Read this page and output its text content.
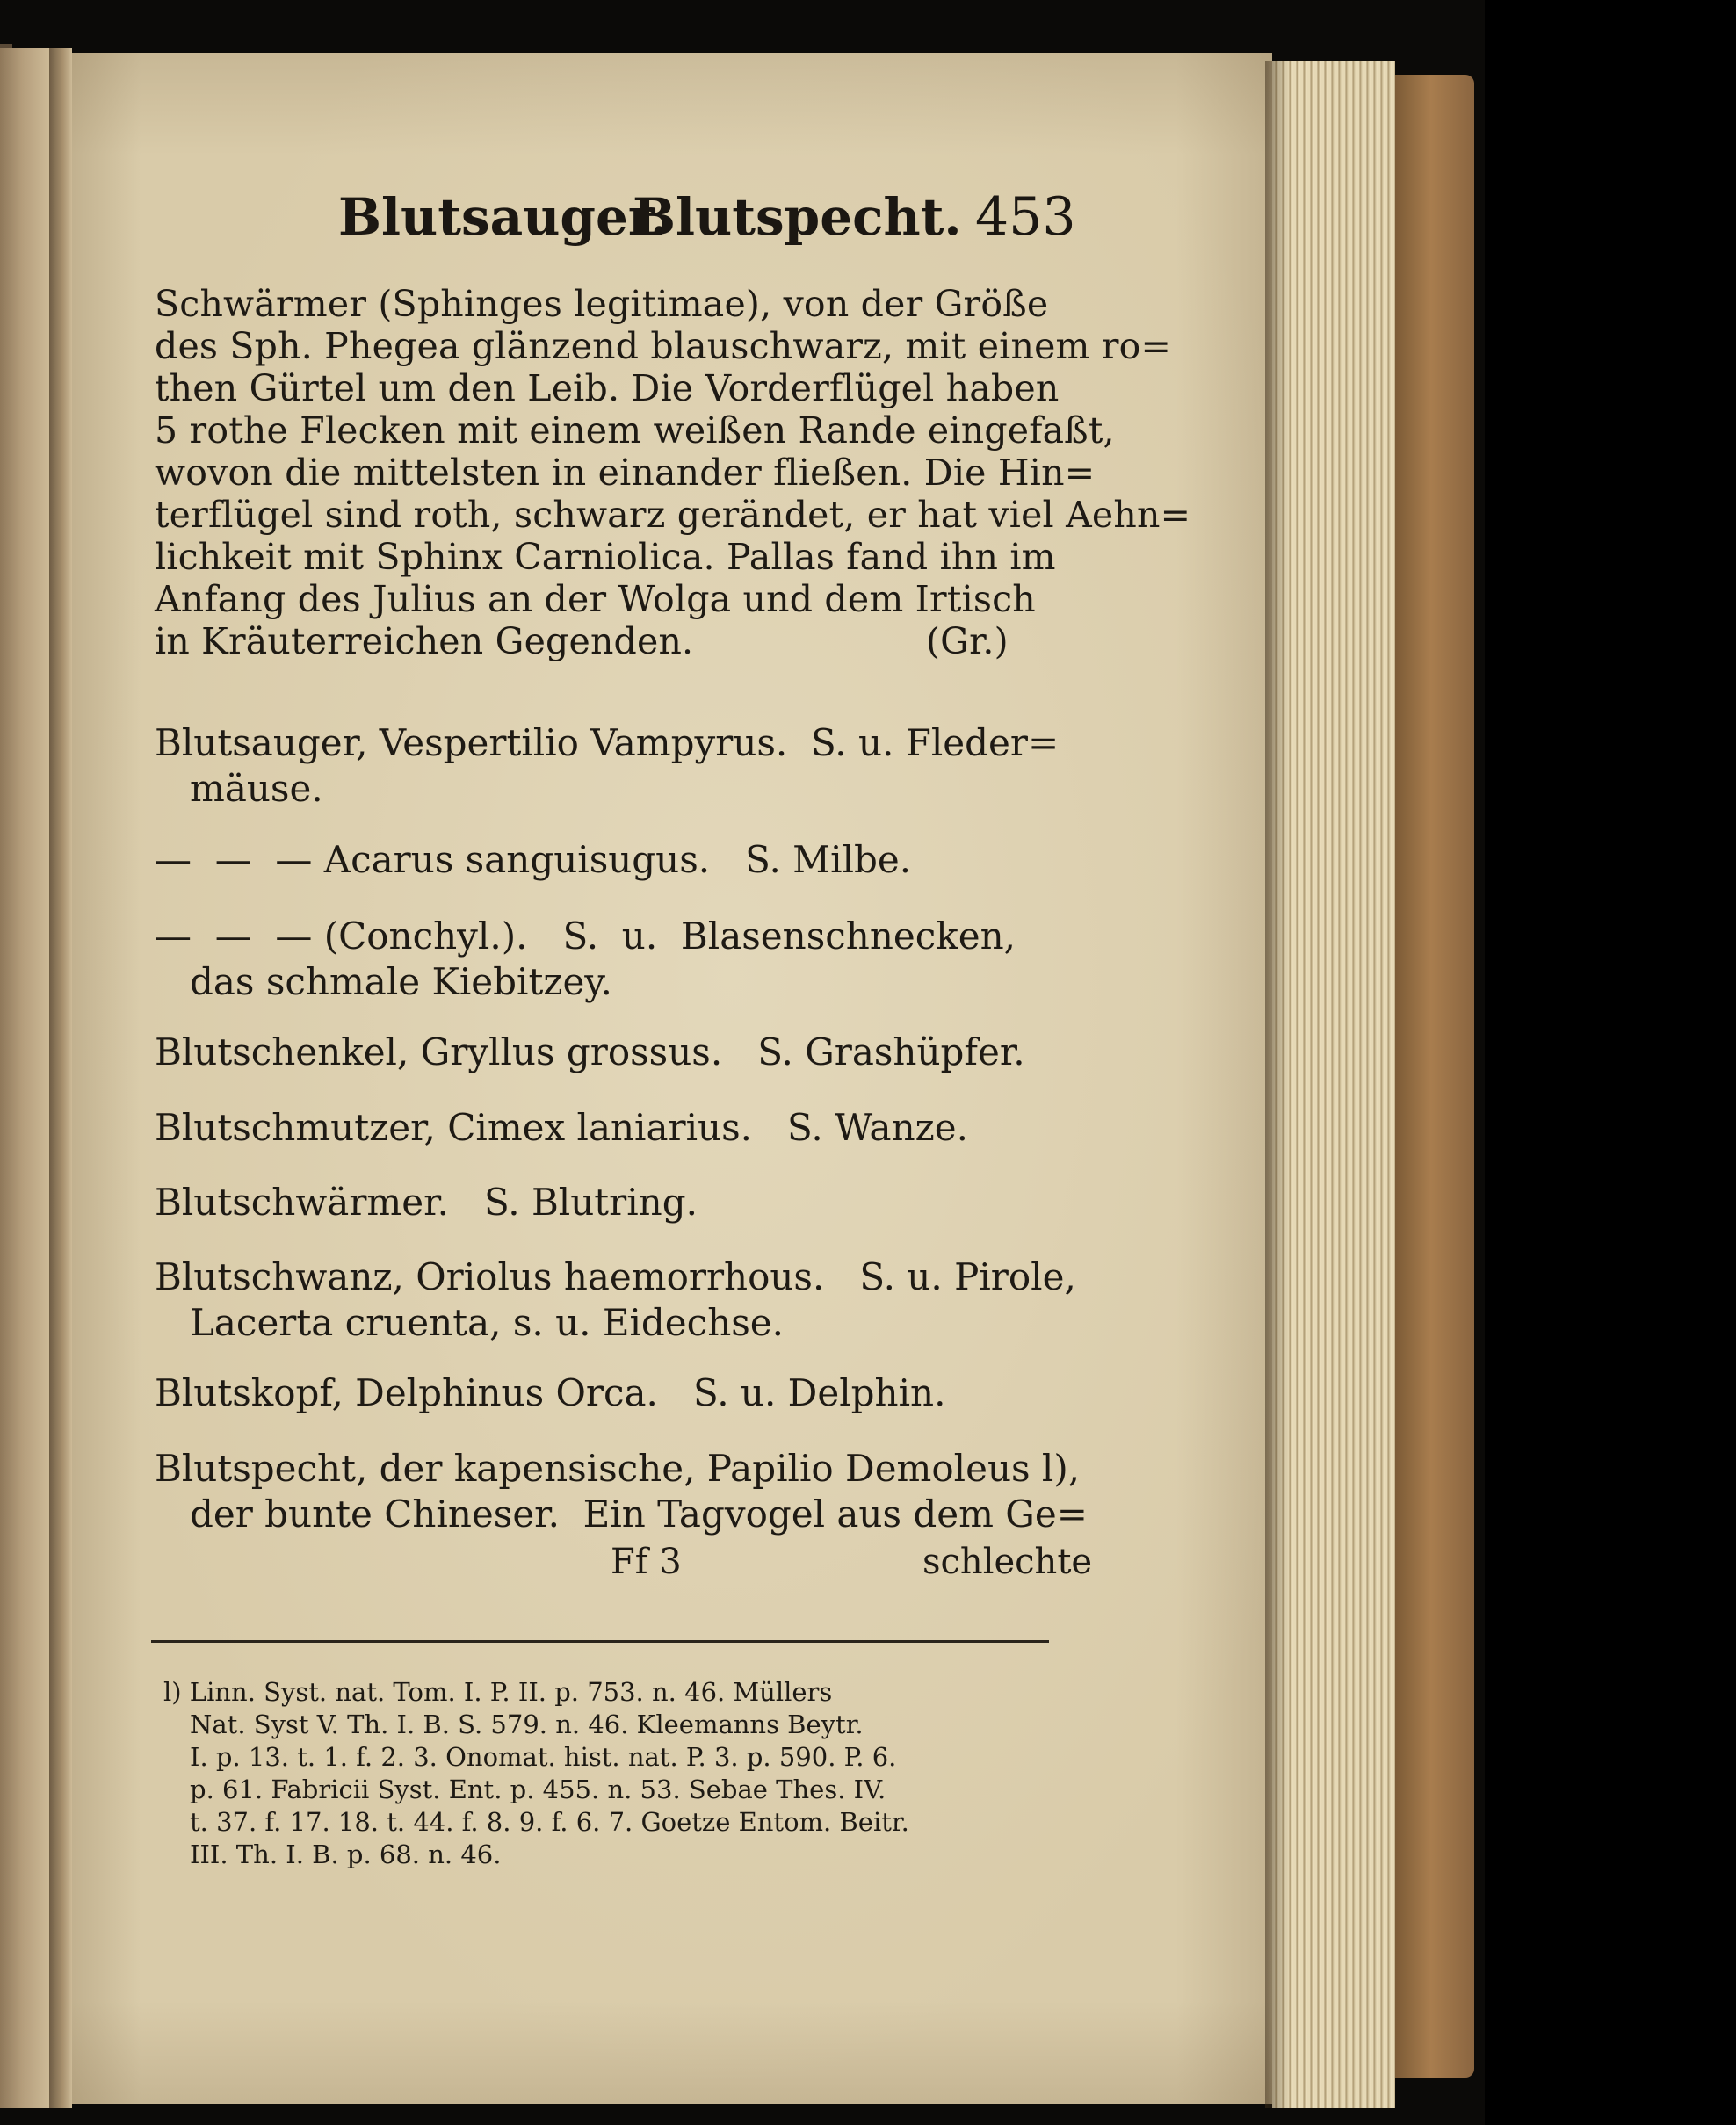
Blutsauger.
Blutspecht. 453
Schwärmer (Sphinges legitimae), von der Größe
des Sph. Phegea glänzend blauschwarz, mit einem ro=
then Gürtel um den Leib. Die Vorderflügel haben
5 rothe Flecken mit einem weißen Rande eingefaßt,
wovon die mittelsten in einander fließen. Die Hin=
terflügel sind roth, schwarz gerändet, er hat viel Aehn=
lichkeit mit Sphinx Carniolica. Pallas fand ihn im
Anfang des Julius an der Wolga und dem Irtisch
in Kräuterreichen Gegenden.                    (Gr.)
Blutsauger, Vespertilio Vampyrus.  S. u. Fleder=
mäuse.
—  —  — Acarus sanguisugus.   S. Milbe.
—  —  — (Conchyl.).   S.  u.  Blasenschnecken,
das schmale Kiebitzey.
Blutschenkel, Gryllus grossus.   S. Grashüpfer.
Blutschmutzer, Cimex laniarius.   S. Wanze.
Blutschwärmer.   S. Blutring.
Blutschwanz, Oriolus haemorrhous.   S. u. Pirole,
Lacerta cruenta, s. u. Eidechse.
Blutskopf, Delphinus Orca.   S. u. Delphin.
Blutspecht, der kapensische, Papilio Demoleus l),
der bunte Chineser.  Ein Tagvogel aus dem Ge=
Ff 3	schlechte
l) Linn. Syst. nat. Tom. I. P. II. p. 753. n. 46. Müllers
Nat. Syst V. Th. I. B. S. 579. n. 46. Kleemanns Beytr.
I. p. 13. t. 1. f. 2. 3. Onomat. hist. nat. P. 3. p. 590. P. 6.
p. 61. Fabricii Syst. Ent. p. 455. n. 53. Sebae Thes. IV.
t. 37. f. 17. 18. t. 44. f. 8. 9. f. 6. 7. Goetze Entom. Beitr.
III. Th. I. B. p. 68. n. 46.
